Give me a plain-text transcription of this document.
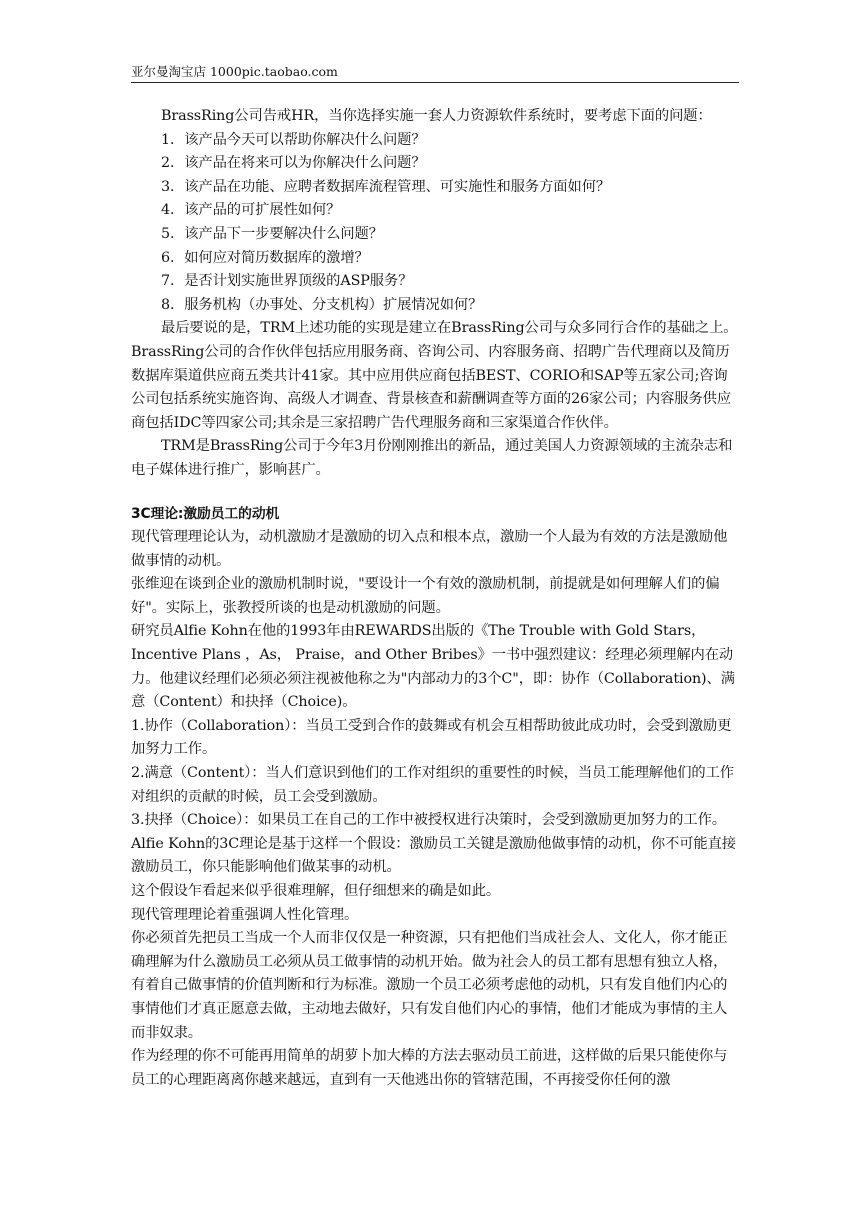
亚尔曼淘宝店 1000pic.taobao.com

BrassRing公司告戒HR，当你选择实施一套人力资源软件系统时，要考虑下面的问题：

1．该产品今天可以帮助你解决什么问题？

2．该产品在将来可以为你解决什么问题？

3．该产品在功能、应聘者数据库流程管理、可实施性和服务方面如何？

4．该产品的可扩展性如何？

5．该产品下一步要解决什么问题？

6．如何应对简历数据库的激增？

7．是否计划实施世界顶级的ASP服务？

8．服务机构（办事处、分支机构）扩展情况如何？

最后要说的是，TRM上述功能的实现是建立在BrassRing公司与众多同行合作的基础之上。BrassRing公司的合作伙伴包括应用服务商、咨询公司、内容服务商、招聘广告代理商以及简历数据库渠道供应商五类共计41家。其中应用供应商包括BEST、CORIO和SAP等五家公司;咨询公司包括系统实施咨询、高级人才调查、背景核查和薪酬调查等方面的26家公司；内容服务供应商包括IDC等四家公司;其余是三家招聘广告代理服务商和三家渠道合作伙伴。

TRM是BrassRing公司于今年3月份刚刚推出的新品，通过美国人力资源领域的主流杂志和电子媒体进行推广，影响甚广。

3C理论:激励员工的动机

现代管理理论认为，动机激励才是激励的切入点和根本点，激励一个人最为有效的方法是激励他做事情的动机。

张维迎在谈到企业的激励机制时说，"要设计一个有效的激励机制，前提就是如何理解人们的偏好"。实际上，张教授所谈的也是动机激励的问题。

研究员Alfie Kohn在他的1993年由REWARDS出版的《The Trouble with Gold Stars，Incentive Plans ，As， Praise，and Other Bribes》一书中强烈建议：经理必须理解内在动力。他建议经理们必须必须注视被他称之为"内部动力的3个C"，即：协作（Collaboration)、满意（Content）和抉择（Choice)。

1.协作（Collaboration）：当员工受到合作的鼓舞或有机会互相帮助彼此成功时，会受到激励更加努力工作。

2.满意（Content）：当人们意识到他们的工作对组织的重要性的时候，当员工能理解他们的工作对组织的贡献的时候，员工会受到激励。

3.抉择（Choice）：如果员工在自己的工作中被授权进行决策时，会受到激励更加努力的工作。

Alfie Kohn的3C理论是基于这样一个假设：激励员工关键是激励他做事情的动机，你不可能直接激励员工，你只能影响他们做某事的动机。

这个假设乍看起来似乎很难理解，但仔细想来的确是如此。

现代管理理论着重强调人性化管理。

你必须首先把员工当成一个人而非仅仅是一种资源，只有把他们当成社会人、文化人，你才能正确理解为什么激励员工必须从员工做事情的动机开始。做为社会人的员工都有思想有独立人格，有着自己做事情的价值判断和行为标准。激励一个员工必须考虑他的动机，只有发自他们内心的事情他们才真正愿意去做，主动地去做好，只有发自他们内心的事情，他们才能成为事情的主人而非奴隶。

作为经理的你不可能再用简单的胡萝卜加大棒的方法去驱动员工前进，这样做的后果只能使你与员工的心理距离离你越来越远，直到有一天他逃出你的管辖范围，不再接受你任何的激
